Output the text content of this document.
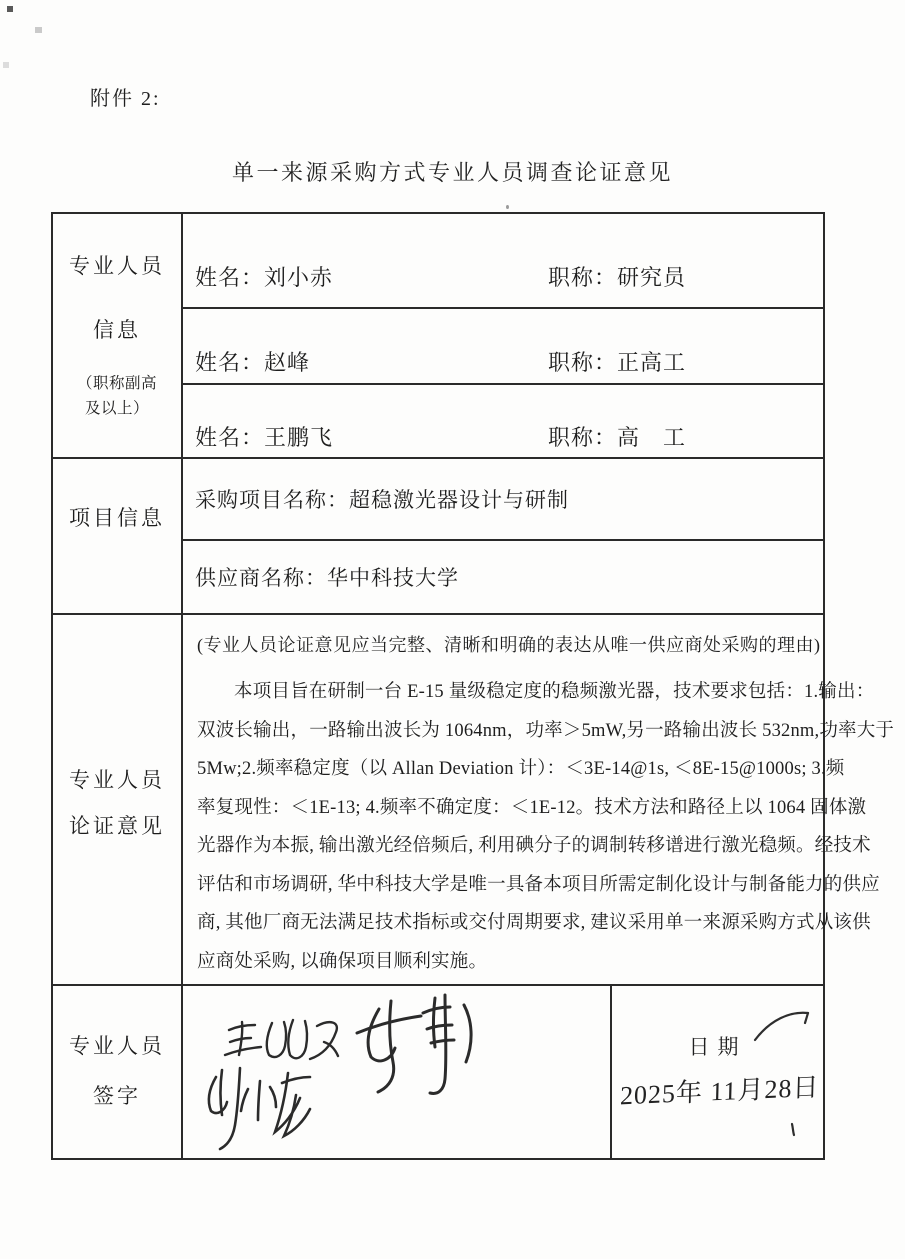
附件 2:
单一来源采购方式专业人员调查论证意见
专业人员
信息
（职称副高
及以上）
姓名：刘小赤	职称：研究员
姓名：赵峰	职称：正高工
姓名：王鹏飞	职称：高　工
项目信息
采购项目名称：超稳激光器设计与研制
供应商名称：华中科技大学
专业人员
论证意见
(专业人员论证意见应当完整、清晰和明确的表达从唯一供应商处采购的理由)
本项目旨在研制一台 E-15 量级稳定度的稳频激光器，技术要求包括：1.输出：
双波长输出，一路输出波长为 1064nm，功率＞5mW,另一路输出波长 532nm,功率大于
5Mw;2.频率稳定度（以 Allan Deviation 计）：＜3E-14@1s, ＜8E-15@1000s; 3.频
率复现性：＜1E-13; 4.频率不确定度：＜1E-12。技术方法和路径上以 1064 固体激
光器作为本振, 输出激光经倍频后, 利用碘分子的调制转移谱进行激光稳频。经技术
评估和市场调研, 华中科技大学是唯一具备本项目所需定制化设计与制备能力的供应
商, 其他厂商无法满足技术指标或交付周期要求, 建议采用单一来源采购方式从该供
应商处采购, 以确保项目顺利实施。
专业人员
签字
日期
2025年 11月28日
